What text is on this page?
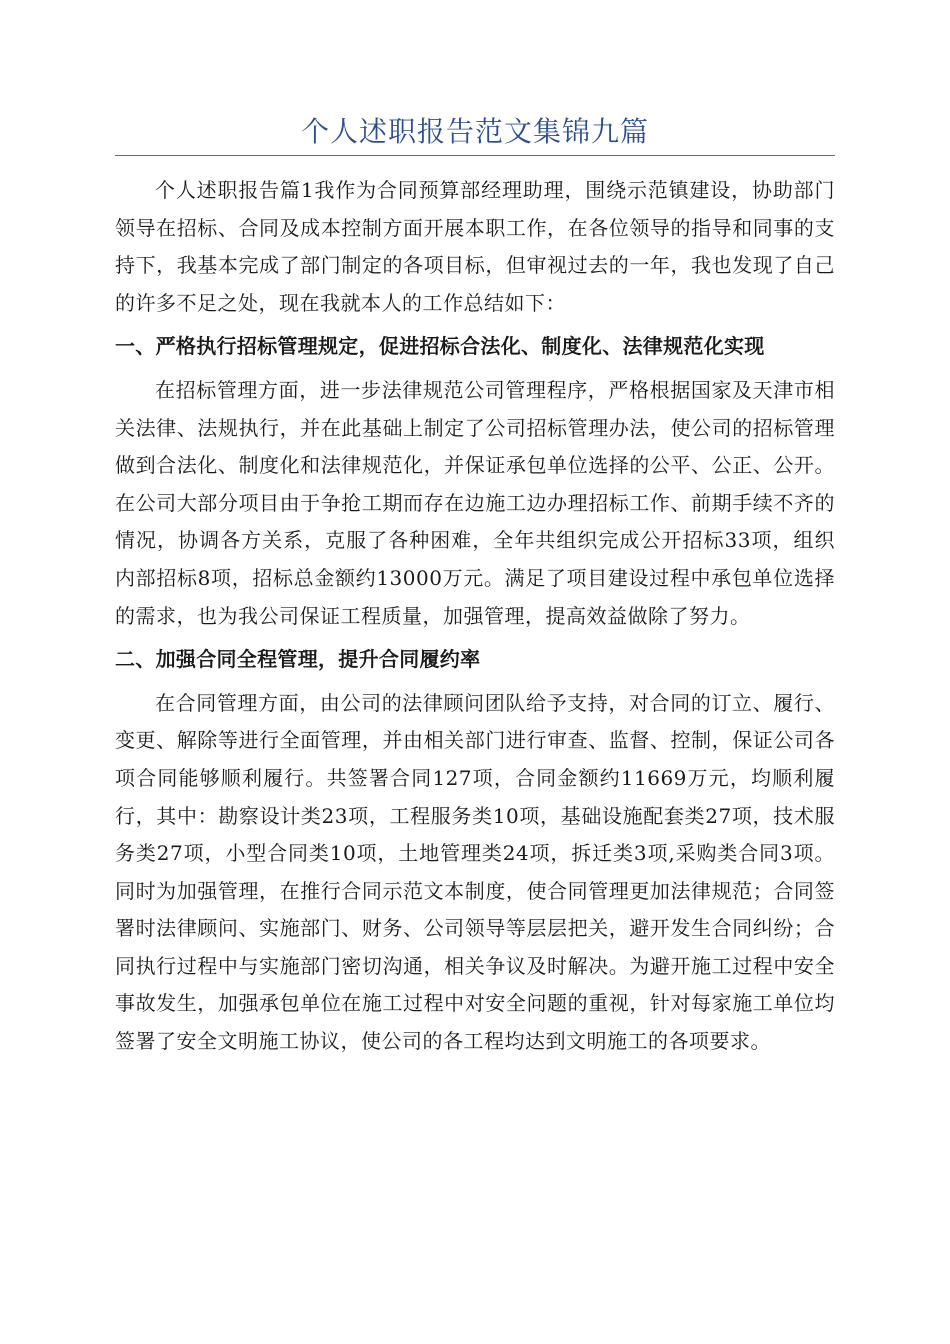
个人述职报告范文集锦九篇

个人述职报告篇1我作为合同预算部经理助理，围绕示范镇建设，协助部门领导在招标、合同及成本控制方面开展本职工作，在各位领导的指导和同事的支持下，我基本完成了部门制定的各项目标，但审视过去的一年，我也发现了自己的许多不足之处，现在我就本人的工作总结如下：

一、严格执行招标管理规定，促进招标合法化、制度化、法律规范化实现

在招标管理方面，进一步法律规范公司管理程序，严格根据国家及天津市相关法律、法规执行，并在此基础上制定了公司招标管理办法，使公司的招标管理做到合法化、制度化和法律规范化，并保证承包单位选择的公平、公正、公开。在公司大部分项目由于争抢工期而存在边施工边办理招标工作、前期手续不齐的情况，协调各方关系，克服了各种困难，全年共组织完成公开招标33项，组织内部招标8项，招标总金额约13000万元。满足了项目建设过程中承包单位选择的需求，也为我公司保证工程质量，加强管理，提高效益做除了努力。

二、加强合同全程管理，提升合同履约率

在合同管理方面，由公司的法律顾问团队给予支持，对合同的订立、履行、变更、解除等进行全面管理，并由相关部门进行审查、监督、控制，保证公司各项合同能够顺利履行。共签署合同127项，合同金额约11669万元，均顺利履行，其中：勘察设计类23项，工程服务类10项，基础设施配套类27项，技术服务类27项，小型合同类10项，土地管理类24项，拆迁类3项,采购类合同3项。同时为加强管理，在推行合同示范文本制度，使合同管理更加法律规范；合同签署时法律顾问、实施部门、财务、公司领导等层层把关，避开发生合同纠纷；合同执行过程中与实施部门密切沟通，相关争议及时解决。为避开施工过程中安全事故发生，加强承包单位在施工过程中对安全问题的重视，针对每家施工单位均签署了安全文明施工协议，使公司的各工程均达到文明施工的各项要求。
